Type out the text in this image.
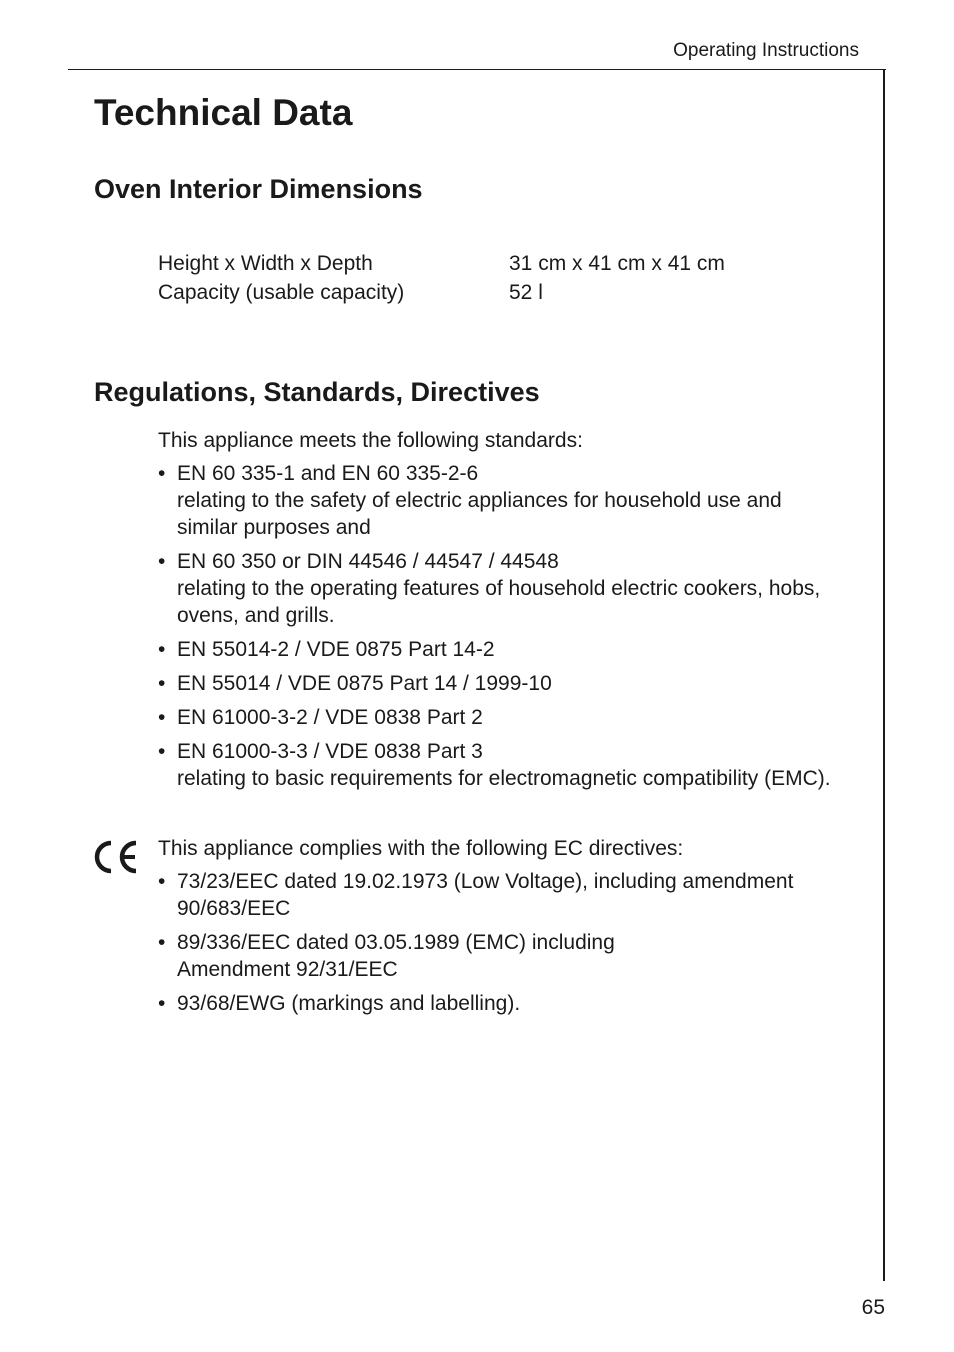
Operating Instructions
Technical Data
Oven Interior Dimensions
Height x Width x Depth	31 cm x 41 cm x 41 cm
Capacity (usable capacity)	52 l
Regulations, Standards, Directives

This appliance meets the following standards:

• EN 60 335-1 and EN 60 335-2-6
relating to the safety of electric appliances for household use and similar purposes and
• EN 60 350 or DIN 44546 / 44547 / 44548
relating to the operating features of household electric cookers, hobs, ovens, and grills.
• EN 55014-2 / VDE 0875 Part 14-2
• EN 55014 / VDE 0875 Part 14 / 1999-10
• EN 61000-3-2 / VDE 0838 Part 2
• EN 61000-3-3 / VDE 0838 Part 3
relating to basic requirements for electromagnetic compatibility (EMC).

This appliance complies with the following EC directives:

• 73/23/EEC dated 19.02.1973 (Low Voltage), including amendment 90/683/EEC
• 89/336/EEC dated 03.05.1989 (EMC) including
Amendment 92/31/EEC
• 93/68/EWG (markings and labelling).
65
